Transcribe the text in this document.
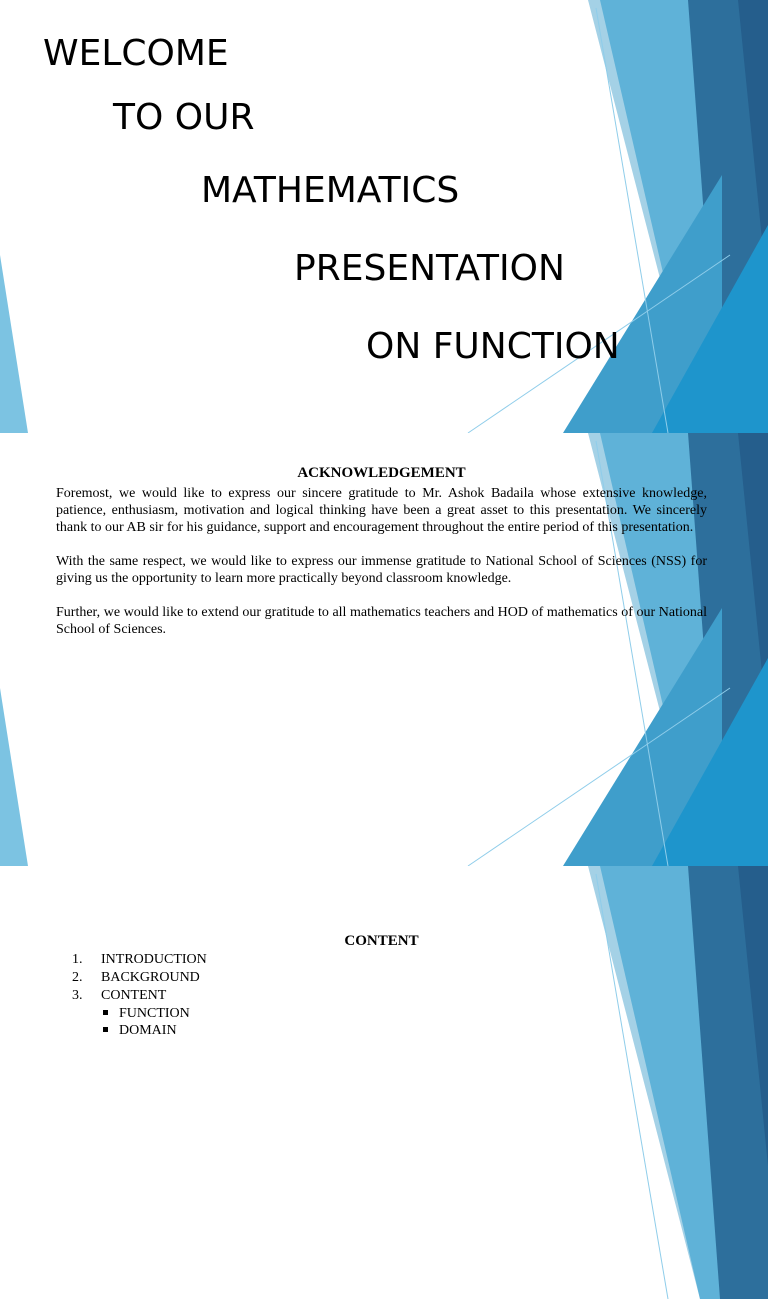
WELCOME
TO OUR
MATHEMATICS
PRESENTATION
ON FUNCTION
ACKNOWLEDGEMENT

Foremost, we would like to express our sincere gratitude to Mr. Ashok Badaila whose extensive knowledge, patience, enthusiasm, motivation and logical thinking have been a great asset to this presentation. We sincerely thank to our AB sir for his guidance, support and encouragement throughout the entire period of this presentation.

With the same respect, we would like to express our immense gratitude to National School of Sciences (NSS) for giving us the opportunity to learn more practically beyond classroom knowledge.

Further, we would like to extend our gratitude to all mathematics teachers and HOD of mathematics of our National School of Sciences.

CONTENT
1. INTRODUCTION
2. BACKGROUND
3. CONTENT
FUNCTION
DOMAIN
